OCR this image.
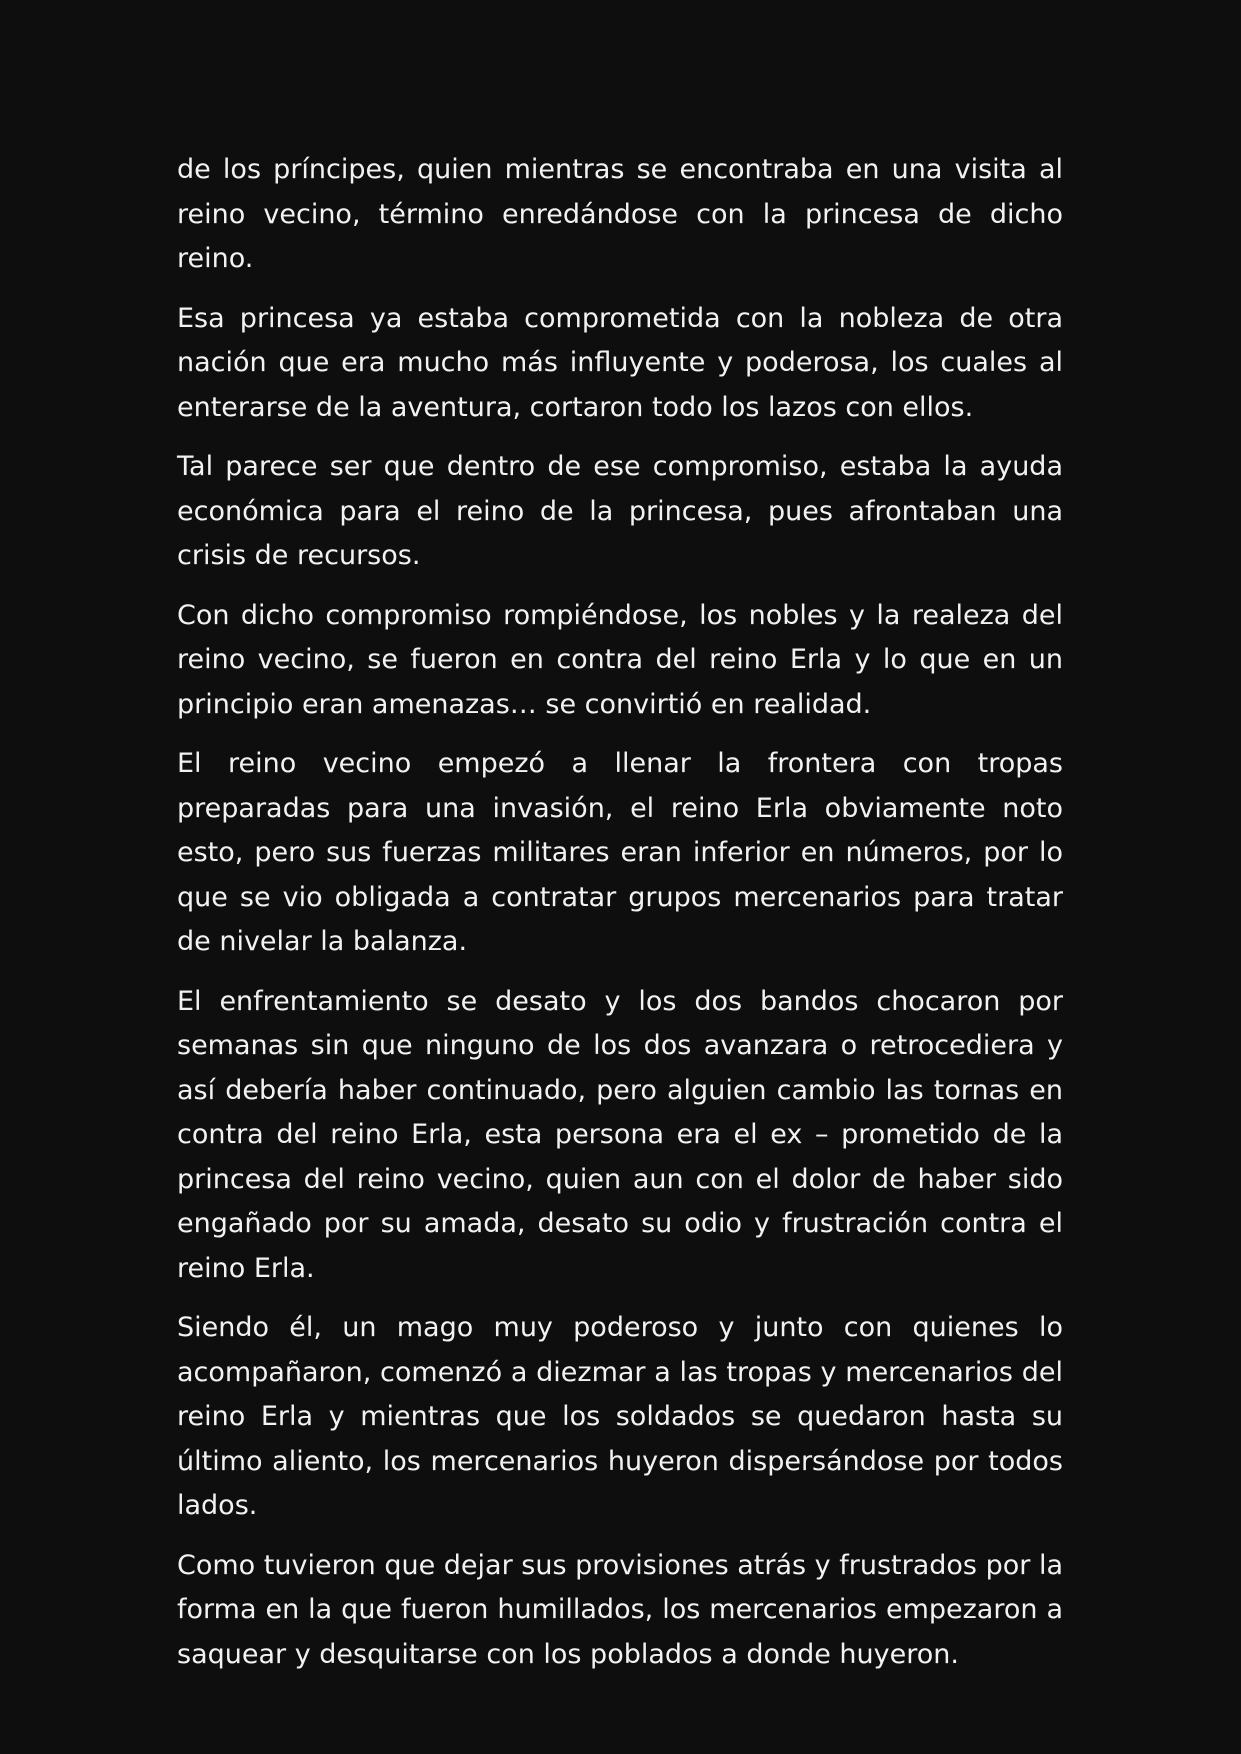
de los príncipes, quien mientras se encontraba en una visita al reino vecino, término enredándose con la princesa de dicho reino.

Esa princesa ya estaba comprometida con la nobleza de otra nación que era mucho más influyente y poderosa, los cuales al enterarse de la aventura, cortaron todo los lazos con ellos.

Tal parece ser que dentro de ese compromiso, estaba la ayuda económica para el reino de la princesa, pues afrontaban una crisis de recursos.

Con dicho compromiso rompiéndose, los nobles y la realeza del reino vecino, se fueron en contra del reino Erla y lo que en un principio eran amenazas… se convirtió en realidad.

El reino vecino empezó a llenar la frontera con tropas preparadas para una invasión, el reino Erla obviamente noto esto, pero sus fuerzas militares eran inferior en números, por lo que se vio obligada a contratar grupos mercenarios para tratar de nivelar la balanza.

El enfrentamiento se desato y los dos bandos chocaron por semanas sin que ninguno de los dos avanzara o retrocediera y así debería haber continuado, pero alguien cambio las tornas en contra del reino Erla, esta persona era el ex – prometido de la princesa del reino vecino, quien aun con el dolor de haber sido engañado por su amada, desato su odio y frustración contra el reino Erla.

Siendo él, un mago muy poderoso y junto con quienes lo acompañaron, comenzó a diezmar a las tropas y mercenarios del reino Erla y mientras que los soldados se quedaron hasta su último aliento, los mercenarios huyeron dispersándose por todos lados.

Como tuvieron que dejar sus provisiones atrás y frustrados por la forma en la que fueron humillados, los mercenarios empezaron a saquear y desquitarse con los poblados a donde huyeron.
